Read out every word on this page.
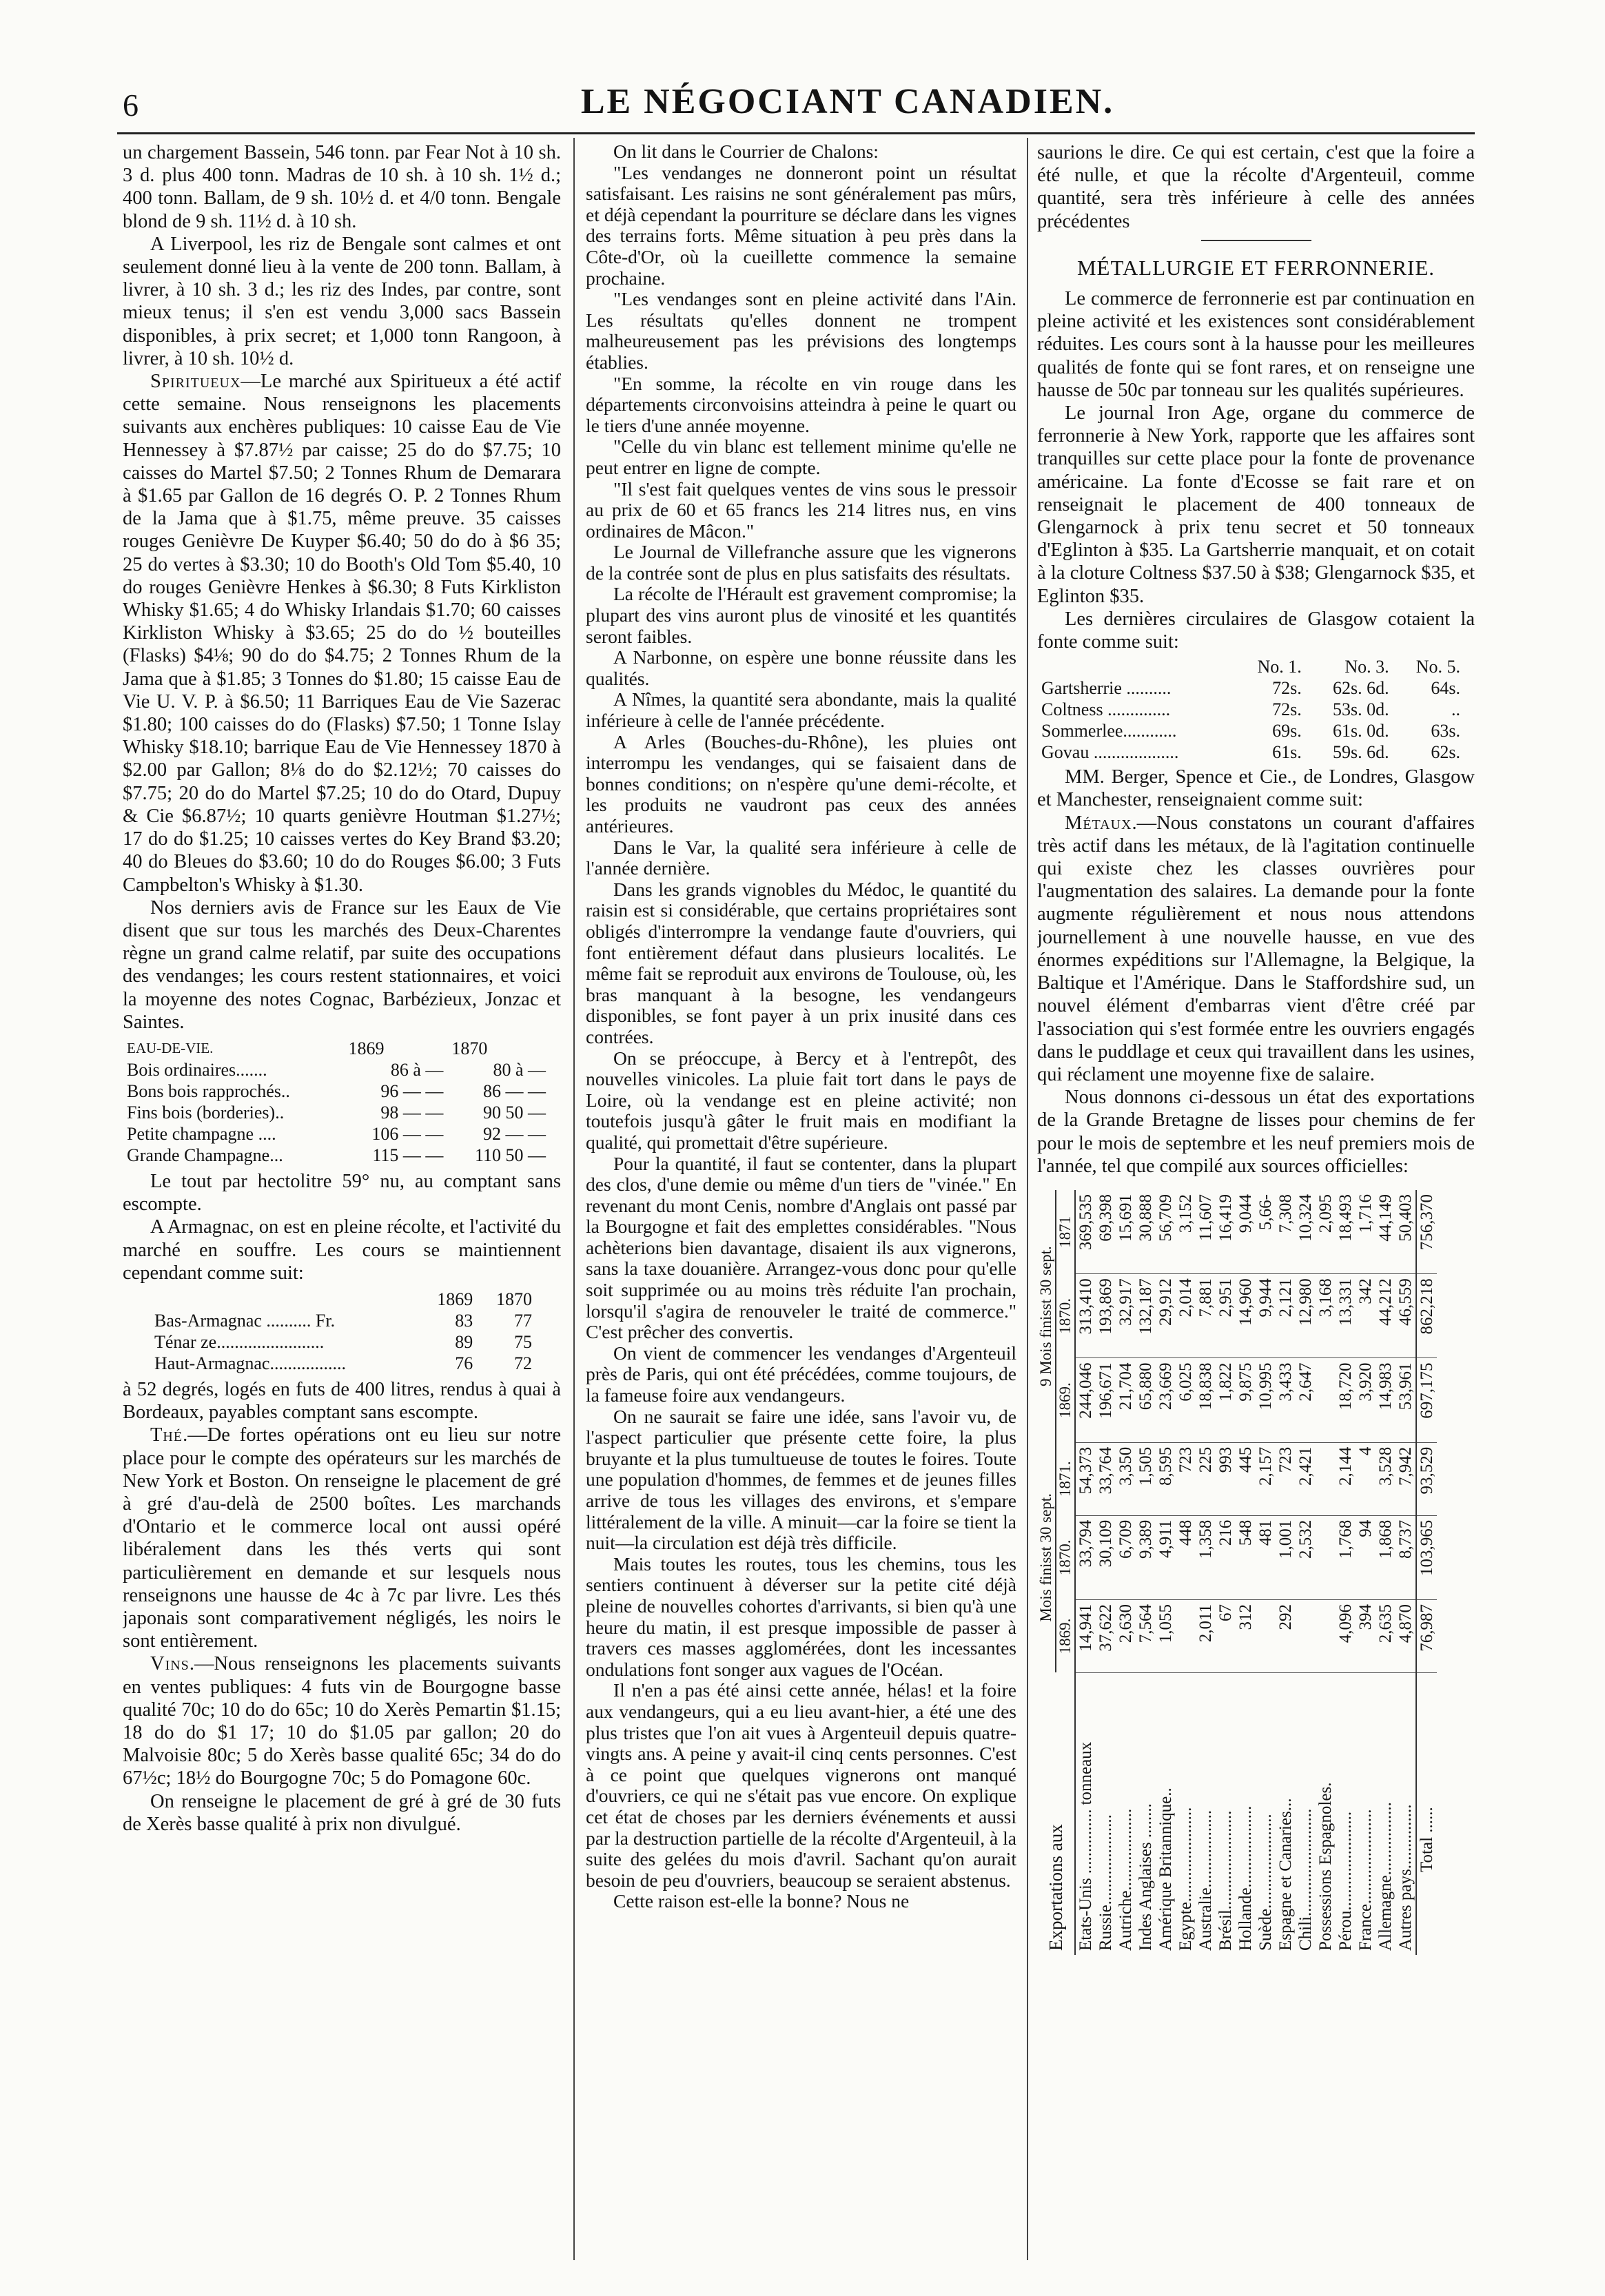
6	LE NÉGOCIANT CANADIEN.

un chargement Bassein, 546 tonn. par Fear Not à 10 sh. 3 d. plus 400 tonn. Madras de 10 sh. à 10 sh. 1½ d.; 400 tonn. Ballam, de 9 sh. 10½ d. et 4/0 tonn. Bengale blond de 9 sh. 11½ d. à 10 sh.

A Liverpool, les riz de Bengale sont calmes et ont seulement donné lieu à la vente de 200 tonn. Ballam, à livrer, à 10 sh. 3 d.; les riz des Indes, par contre, sont mieux tenus; il s'en est vendu 3,000 sacs Bassein disponibles, à prix secret; et 1,000 tonn Rangoon, à livrer, à 10 sh. 10½ d.

Spiritueux—Le marché aux Spiritueux a été actif cette semaine. Nous renseignons les placements suivants aux enchères publiques: 10 caisse Eau de Vie Hennessey à $7.87½ par caisse; 25 do do $7.75; 10 caisses do Martel $7.50; 2 Tonnes Rhum de Demarara à $1.65 par Gallon de 16 degrés O. P. 2 Tonnes Rhum de la Jama que à $1.75, même preuve. 35 caisses rouges Genièvre De Kuyper $6.40; 50 do do à $6 35; 25 do vertes à $3.30; 10 do Booth's Old Tom $5.40, 10 do rouges Genièvre Henkes à $6.30; 8 Futs Kirkliston Whisky $1.65; 4 do Whisky Irlandais $1.70; 60 caisses Kirkliston Whisky à $3.65; 25 do do ½ bouteilles (Flasks) $4⅛; 90 do do $4.75; 2 Tonnes Rhum de la Jama que à $1.85; 3 Tonnes do $1.80; 15 caisse Eau de Vie U. V. P. à $6.50; 11 Barriques Eau de Vie Sazerac $1.80; 100 caisses do do (Flasks) $7.50; 1 Tonne Islay Whisky $18.10; barrique Eau de Vie Hennessey 1870 à $2.00 par Gallon; 8⅛ do do $2.12½; 70 caisses do $7.75; 20 do do Martel $7.25; 10 do do Otard, Dupuy & Cie $6.87½; 10 quarts genièvre Houtman $1.27½; 17 do do $1.25; 10 caisses vertes do Key Brand $3.20; 40 do Bleues do $3.60; 10 do do Rouges $6.00; 3 Futs Campbelton's Whisky à $1.30.

Nos derniers avis de France sur les Eaux de Vie disent que sur tous les marchés des Deux-Charentes règne un grand calme relatif, par suite des occupations des vendanges; les cours restent stationnaires, et voici la moyenne des notes Cognac, Barbézieux, Jonzac et Saintes.

EAU-DE-VIE.	1869	1870
Bois ordinaires.......	86 à —	80 à —
Bons bois rapprochés..	96 — —	86 — —
Fins bois (borderies)..	98 — —	90 50 —
Petite champagne ....	106 — —	92 — —
Grande Champagne...	115 — —	110 50 —

Le tout par hectolitre 59° nu, au comptant sans escompte.

A Armagnac, on est en pleine récolte, et l'activité du marché en souffre. Les cours se maintiennent cependant comme suit:

	1869	1870
Bas-Armagnac .......... Fr.	83	77
Ténar ze........................	89	75
Haut-Armagnac.................	76	72

à 52 degrés, logés en futs de 400 litres, rendus à quai à Bordeaux, payables comptant sans escompte.

Thé.—De fortes opérations ont eu lieu sur notre place pour le compte des opérateurs sur les marchés de New York et Boston. On renseigne le placement de gré à gré d'au-delà de 2500 boîtes. Les marchands d'Ontario et le commerce local ont aussi opéré libéralement dans les thés verts qui sont particulièrement en demande et sur lesquels nous renseignons une hausse de 4c à 7c par livre. Les thés japonais sont comparativement négligés, les noirs le sont entièrement.

Vins.—Nous renseignons les placements suivants en ventes publiques: 4 futs vin de Bourgogne basse qualité 70c; 10 do do 65c; 10 do Xerès Pemartin $1.15; 18 do do $1 17; 10 do $1.05 par gallon; 20 do Malvoisie 80c; 5 do Xerès basse qualité 65c; 34 do do 67½c; 18½ do Bourgogne 70c; 5 do Pomagone 60c.

On renseigne le placement de gré à gré de 30 futs de Xerès basse qualité à prix non divulgué.

On lit dans le Courrier de Chalons:

"Les vendanges ne donneront point un résultat satisfaisant. Les raisins ne sont généralement pas mûrs, et déjà cependant la pourriture se déclare dans les vignes des terrains forts. Même situation à peu près dans la Côte-d'Or, où la cueillette commence la semaine prochaine.

"Les vendanges sont en pleine activité dans l'Ain. Les résultats qu'elles donnent ne trompent malheureusement pas les prévisions des longtemps établies.

"En somme, la récolte en vin rouge dans les départements circonvoisins atteindra à peine le quart ou le tiers d'une année moyenne.

"Celle du vin blanc est tellement minime qu'elle ne peut entrer en ligne de compte.

"Il s'est fait quelques ventes de vins sous le pressoir au prix de 60 et 65 francs les 214 litres nus, en vins ordinaires de Mâcon."

Le Journal de Villefranche assure que les vignerons de la contrée sont de plus en plus satisfaits des résultats.

La récolte de l'Hérault est gravement compromise; la plupart des vins auront plus de vinosité et les quantités seront faibles.

A Narbonne, on espère une bonne réussite dans les qualités.

A Nîmes, la quantité sera abondante, mais la qualité inférieure à celle de l'année précédente.

A Arles (Bouches-du-Rhône), les pluies ont interrompu les vendanges, qui se faisaient dans de bonnes conditions; on n'espère qu'une demi-récolte, et les produits ne vaudront pas ceux des années antérieures.

Dans le Var, la qualité sera inférieure à celle de l'année dernière.

Dans les grands vignobles du Médoc, le quantité du raisin est si considérable, que certains propriétaires sont obligés d'interrompre la vendange faute d'ouvriers, qui font entièrement défaut dans plusieurs localités. Le même fait se reproduit aux environs de Toulouse, où, les bras manquant à la besogne, les vendangeurs disponibles, se font payer à un prix inusité dans ces contrées.

On se préoccupe, à Bercy et à l'entrepôt, des nouvelles vinicoles. La pluie fait tort dans le pays de Loire, où la vendange est en pleine activité; non toutefois jusqu'à gâter le fruit mais en modifiant la qualité, qui promettait d'être supérieure.

Pour la quantité, il faut se contenter, dans la plupart des clos, d'une demie ou même d'un tiers de "vinée." En revenant du mont Cenis, nombre d'Anglais ont passé par la Bourgogne et fait des emplettes considérables. "Nous achèterions bien davantage, disaient ils aux vignerons, sans la taxe douanière. Arrangez-vous donc pour qu'elle soit supprimée ou au moins très réduite l'an prochain, lorsqu'il s'agira de renouveler le traité de commerce." C'est prêcher des convertis.

On vient de commencer les vendanges d'Argenteuil près de Paris, qui ont été précédées, comme toujours, de la fameuse foire aux vendangeurs.

On ne saurait se faire une idée, sans l'avoir vu, de l'aspect particulier que présente cette foire, la plus bruyante et la plus tumultueuse de toutes le foires. Toute une population d'hommes, de femmes et de jeunes filles arrive de tous les villages des environs, et s'empare littéralement de la ville. A minuit—car la foire se tient la nuit—la circulation est déjà très difficile.

Mais toutes les routes, tous les chemins, tous les sentiers continuent à déverser sur la petite cité déjà pleine de nouvelles cohortes d'arrivants, si bien qu'à une heure du matin, il est presque impossible de passer à travers ces masses agglomérées, dont les incessantes ondulations font songer aux vagues de l'Océan.

Il n'en a pas été ainsi cette année, hélas! et la foire aux vendangeurs, qui a eu lieu avant-hier, a été une des plus tristes que l'on ait vues à Argenteuil depuis quatre-vingts ans. A peine y avait-il cinq cents personnes. C'est à ce point que quelques vignerons ont manqué d'ouvriers, ce qui ne s'était pas vue encore. On explique cet état de choses par les derniers événements et aussi par la destruction partielle de la récolte d'Argenteuil, à la suite des gelées du mois d'avril. Sachant qu'on aurait besoin de peu d'ouvriers, beaucoup se seraient abstenus.

Cette raison est-elle la bonne? Nous ne

saurions le dire. Ce qui est certain, c'est que la foire a été nulle, et que la récolte d'Argenteuil, comme quantité, sera très inférieure à celle des années précédentes

MÉTALLURGIE ET FERRONNERIE.

Le commerce de ferronnerie est par continuation en pleine activité et les existences sont considérablement réduites. Les cours sont à la hausse pour les meilleures qualités de fonte qui se font rares, et on renseigne une hausse de 50c par tonneau sur les qualités supérieures.

Le journal Iron Age, organe du commerce de ferronnerie à New York, rapporte que les affaires sont tranquilles sur cette place pour la fonte de provenance américaine. La fonte d'Ecosse se fait rare et on renseignait le placement de 400 tonneaux de Glengarnock à prix tenu secret et 50 tonneaux d'Eglinton à $35. La Gartsherrie manquait, et on cotait à la cloture Coltness $37.50 à $38; Glengarnock $35, et Eglinton $35.

Les dernières circulaires de Glasgow cotaient la fonte comme suit:

	No. 1.	No. 3.	No. 5.
Gartsherrie ..........	72s.	62s. 6d.	64s.
Coltness ..............	72s.	53s. 0d.	..
Sommerlee............	69s.	61s. 0d.	63s.
Govau ...................	61s.	59s. 6d.	62s.

MM. Berger, Spence et Cie., de Londres, Glasgow et Manchester, renseignaient comme suit:

Métaux.—Nous constatons un courant d'affaires très actif dans les métaux, de là l'agitation continuelle qui existe chez les classes ouvrières pour l'augmentation des salaires. La demande pour la fonte augmente régulièrement et nous nous attendons journellement à une nouvelle hausse, en vue des énormes expéditions sur l'Allemagne, la Belgique, la Baltique et l'Amérique. Dans le Staffordshire sud, un nouvel élément d'embarras vient d'être créé par l'association qui s'est formée entre les ouvriers engagés dans le puddlage et ceux qui travaillent dans les usines, qui réclament une moyenne fixe de salaire.

Nous donnons ci-dessous un état des exportations de la Grande Bretagne de lisses pour chemins de fer pour le mois de septembre et les neuf premiers mois de l'année, tel que compilé aux sources officielles:

Exportations aux	Mois finisst 30 sept.			9 Mois finisst 30 sept.		
	1869.	1870.	1871.	1869.	1870.	1871
Etats-Unis ...............tonneaux	14,941	33,794	54,373	244,046	313,410	369,535
Russie.....................	37,622	30,109	33,764	196,671	193,869	69,398
Autriche...................	2,630	6,709	3,350	21,704	32,917	15,691
Indes Anglaises ........	7,564	9,389	1,505	65,880	132,187	30,888
Amérique Britannique..	1,055	4,911	8,595	23,669	29,912	56,709
Egypte......................		448	723	6,025	2,014	3,152
Australie..................	2,011	1,358	225	18,838	7,881	11,607
Brésil.......................	67	216	993	1,822	2,951	16,419
Hollande...................	312	548	445	9,875	14,960	9,044
Suède......................		481	2,157	10,995	9,944	5,66-
Espagne et Canaries...	292	1,001	723	3,433	2,121	7,308
Chili.........................		2,532	2,421	2,647	12,980	10,324
Possessions Espagnoles.					3,168	2,095
Pérou.......................	4,096	1,768	2,144	18,720	13,331	18,493
France......................	394	94	4	3,920	342	1,716
Allemagne.................	2,635	1,868	3,528	14,983	44,212	44,149
Autres pays...............	4,870	8,737	7,942	53,961	46,559	50,403
Total ......	76,987	103,965	93,529	697,175	862,218	756,370
